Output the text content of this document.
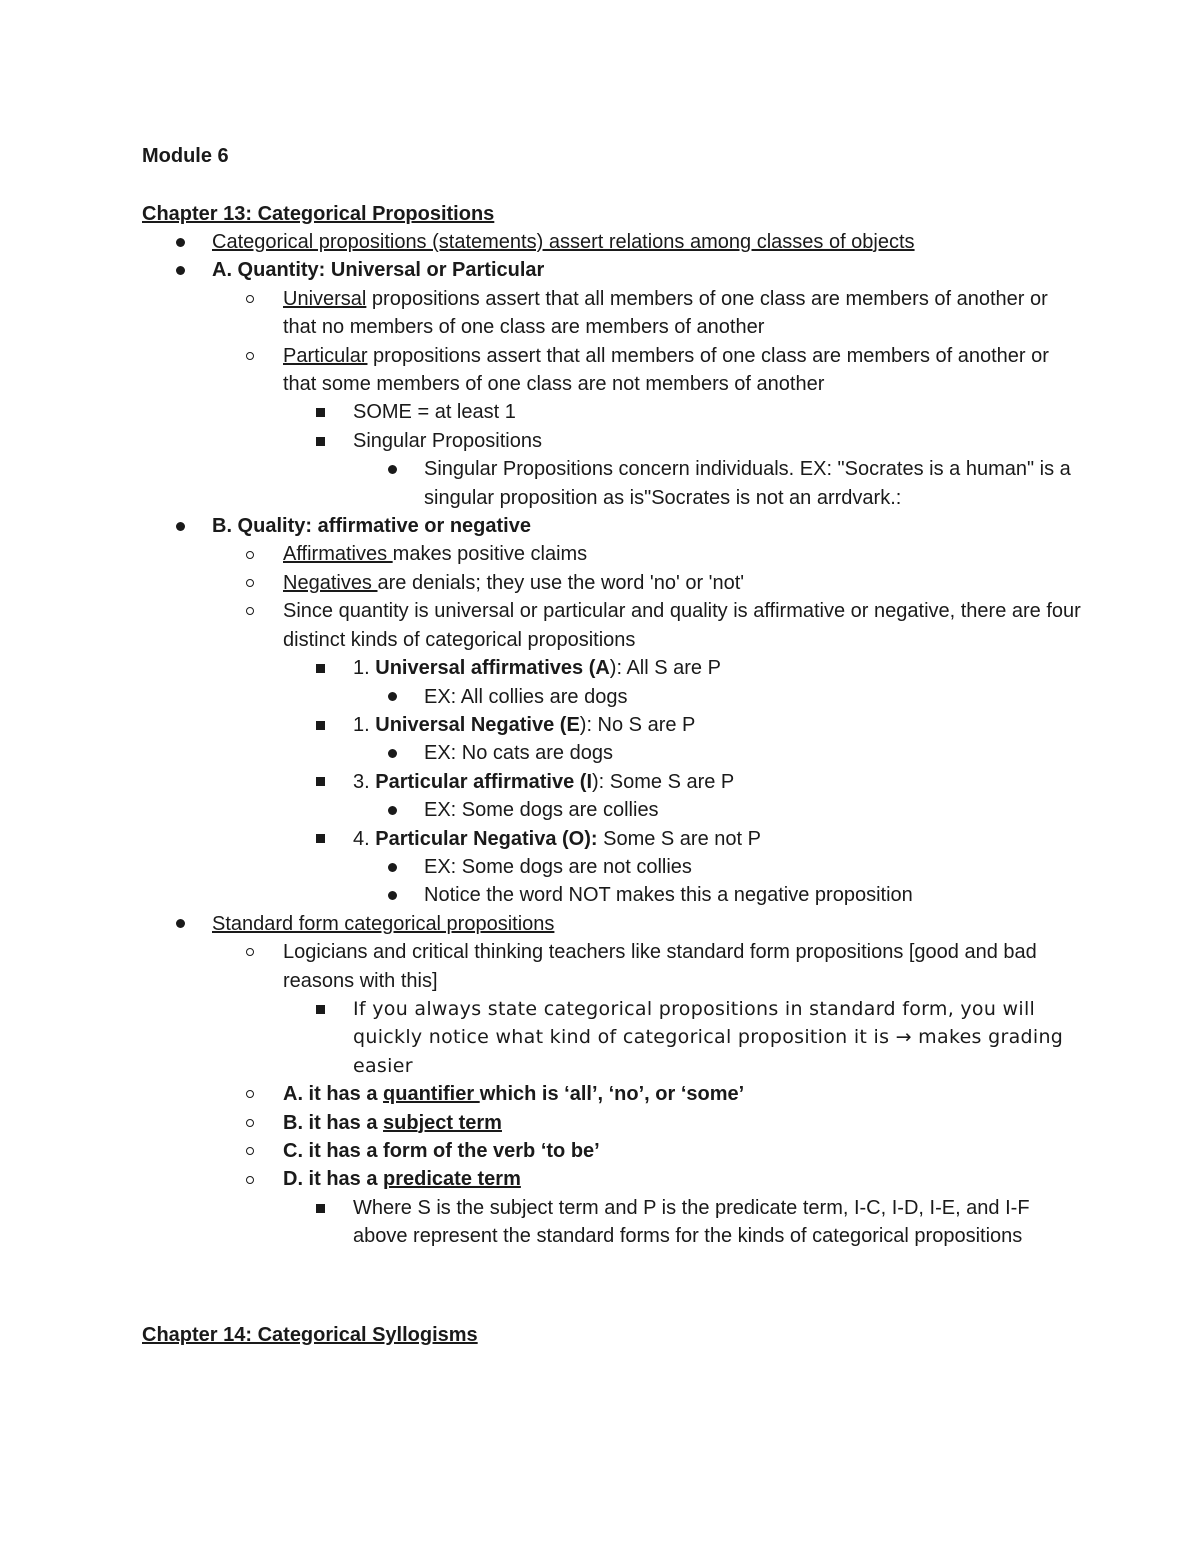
Module 6
Chapter 13: Categorical Propositions
Categorical propositions (statements) assert relations among classes of objects
A. Quantity: Universal or Particular
Universal propositions assert that all members of one class are members of another or that no members of one class are members of another
Particular propositions assert that all members of one class are members of another or that some members of one class are not members of another
SOME = at least 1
Singular Propositions
Singular Propositions concern individuals. EX: "Socrates is a human" is a singular proposition as is"Socrates is not an arrdvark.:
B. Quality: affirmative or negative
Affirmatives makes positive claims
Negatives are denials; they use the word 'no' or 'not'
Since quantity is universal or particular and quality is affirmative or negative, there are four distinct kinds of categorical propositions
1. Universal affirmatives (A): All S are P
EX: All collies are dogs
1. Universal Negative (E): No S are P
EX: No cats are dogs
3. Particular affirmative (I): Some S are P
EX: Some dogs are collies
4. Particular Negativa (O): Some S are not P
EX: Some dogs are not collies
Notice the word NOT makes this a negative proposition
Standard form categorical propositions
Logicians and critical thinking teachers like standard form propositions [good and bad reasons with this]
If you always state categorical propositions in standard form, you will quickly notice what kind of categorical proposition it is → makes grading easier
A. it has a quantifier which is ‘all’, ‘no’, or ‘some’
B. it has a subject term
C. it has a form of the verb ‘to be’
D. it has a predicate term
Where S is the subject term and P is the predicate term, I-C, I-D, I-E, and I-F above represent the standard forms for the kinds of categorical propositions
Chapter 14: Categorical Syllogisms
